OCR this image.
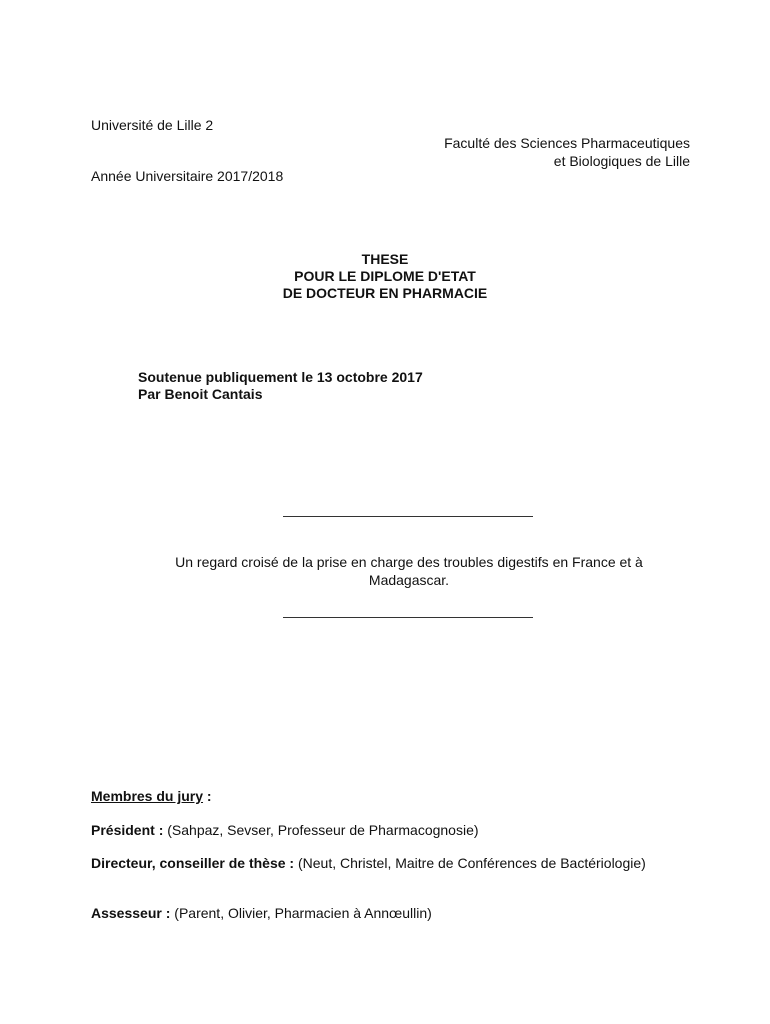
Université de Lille 2
Faculté des Sciences Pharmaceutiques
et Biologiques de Lille
Année Universitaire 2017/2018
THESE
POUR LE DIPLOME D'ETAT
DE DOCTEUR EN PHARMACIE
Soutenue publiquement le 13 octobre 2017
Par Benoit Cantais
Un regard croisé de la prise en charge des troubles digestifs en France et à
Madagascar.
Membres du jury :
Président : (Sahpaz, Sevser, Professeur de Pharmacognosie)
Directeur, conseiller de thèse : (Neut, Christel, Maitre de Conférences de Bactériologie)
Assesseur : (Parent, Olivier, Pharmacien à Annœullin)
